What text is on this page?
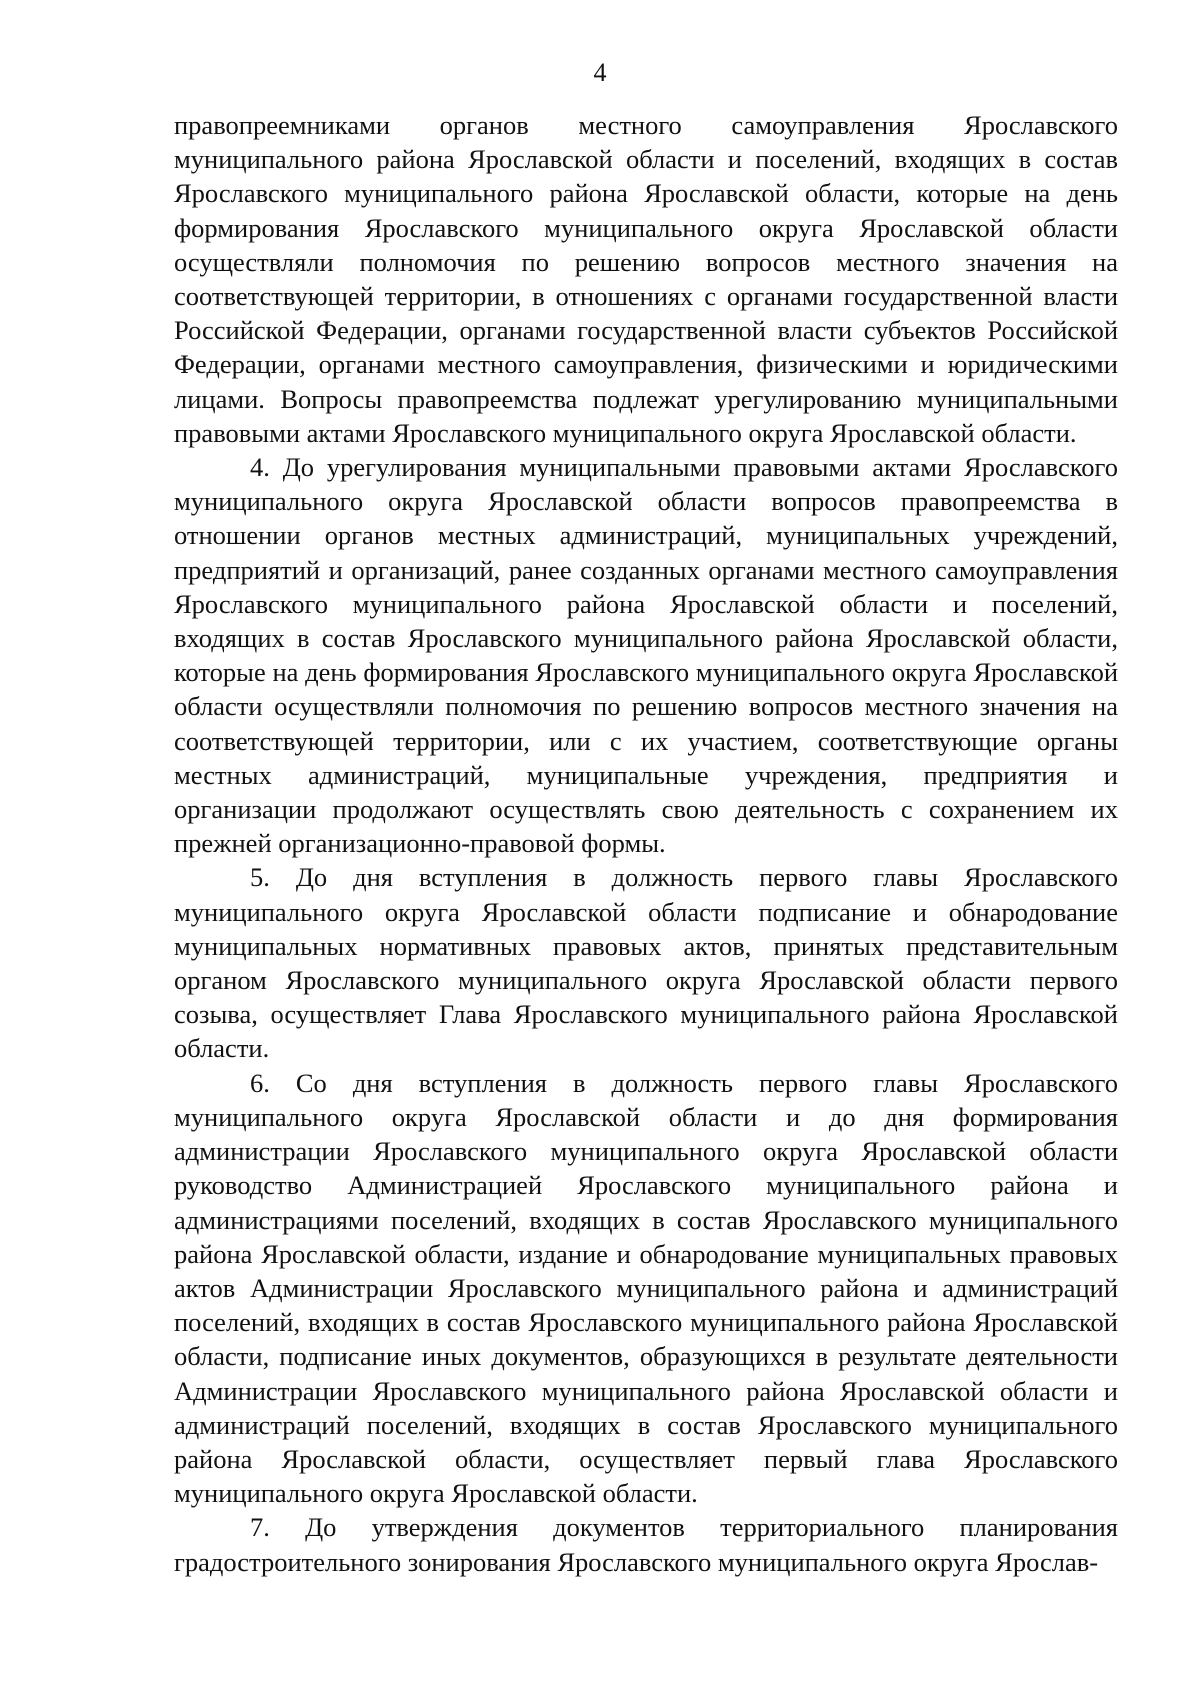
4

правопреемниками органов местного самоуправления Ярославского муниципального района Ярославской области и поселений, входящих в состав Ярославского муниципального района Ярославской области, которые на день формирования Ярославского муниципального округа Ярославской области осуществляли полномочия по решению вопросов местного значения на соответствующей территории, в отношениях с органами государственной власти Российской Федерации, органами государственной власти субъектов Российской Федерации, органами местного самоуправления, физическими и юридическими лицами. Вопросы правопреемства подлежат урегулированию муниципальными правовыми актами Ярославского муниципального округа Ярославской области.

4. До урегулирования муниципальными правовыми актами Ярославского муниципального округа Ярославской области вопросов правопреемства в отношении органов местных администраций, муниципальных учреждений, предприятий и организаций, ранее созданных органами местного самоуправления Ярославского муниципального района Ярославской области и поселений, входящих в состав Ярославского муниципального района Ярославской области, которые на день формирования Ярославского муниципального округа Ярославской области осуществляли полномочия по решению вопросов местного значения на соответствующей территории, или с их участием, соответствующие органы местных администраций, муниципальные учреждения, предприятия и организации продолжают осуществлять свою деятельность с сохранением их прежней организационно-правовой формы.

5. До дня вступления в должность первого главы Ярославского муниципального округа Ярославской области подписание и обнародование муниципальных нормативных правовых актов, принятых представительным органом Ярославского муниципального округа Ярославской области первого созыва, осуществляет Глава Ярославского муниципального района Ярославской области.

6. Со дня вступления в должность первого главы Ярославского муниципального округа Ярославской области и до дня формирования администрации Ярославского муниципального округа Ярославской области руководство Администрацией Ярославского муниципального района и администрациями поселений, входящих в состав Ярославского муниципального района Ярославской области, издание и обнародование муниципальных правовых актов Администрации Ярославского муниципального района и администраций поселений, входящих в состав Ярославского муниципального района Ярославской области, подписание иных документов, образующихся в результате деятельности Администрации Ярославского муниципального района Ярославской области и администраций поселений, входящих в состав Ярославского муниципального района Ярославской области, осуществляет первый глава Ярославского муниципального округа Ярославской области.

7. До утверждения документов территориального планирования градостроительного зонирования Ярославского муниципального округа Ярослав-
